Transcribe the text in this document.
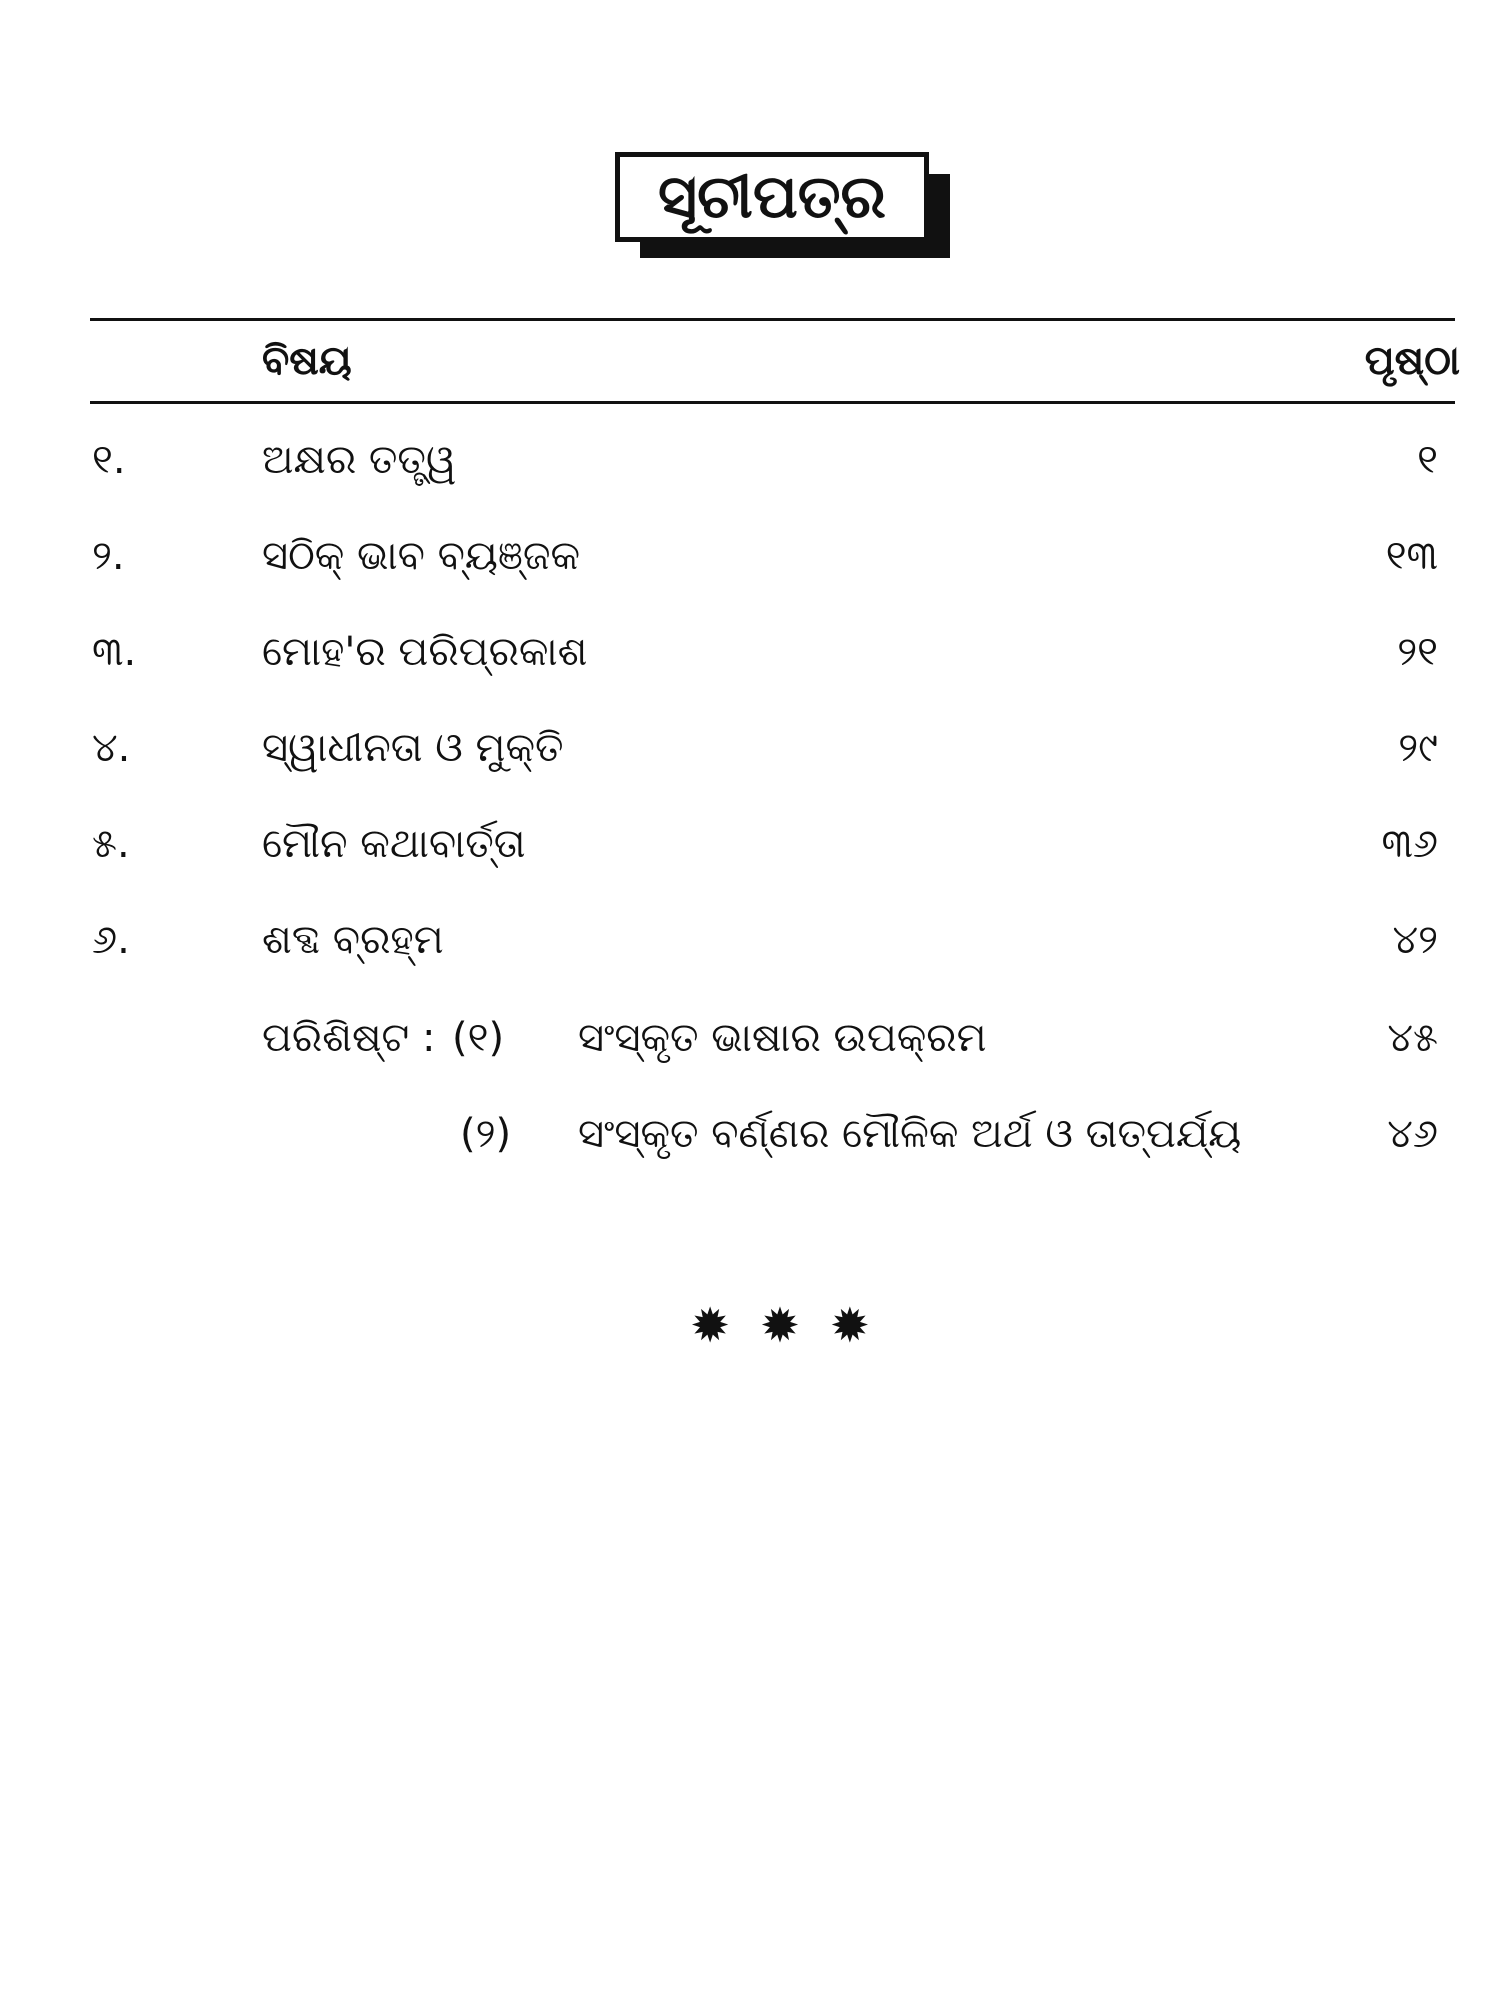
ସୂଚୀପତ୍ର
ବିଷୟ	ପୃଷ୍ଠା
୧.	ଅକ୍ଷର ତତ୍ତ୍ୱ	୧
୨.	ସଠିକ୍ ଭାବ ବ୍ୟଞ୍ଜକ	୧୩
୩.	ମୋହ'ର ପରିପ୍ରକାଶ	୨୧
୪.	ସ୍ୱାଧୀନତା ଓ ମୁକ୍ତି	୨୯
୫.	ମୌନ କଥାବାର୍ତ୍ତା	୩୬
୬.	ଶବ୍ଦ ବ୍ରହ୍ମ	୪୨
ପରିଶିଷ୍ଟ : (୧) ସଂସ୍କୃତ ଭାଷାର ଉପକ୍ରମ	୪୫
(୨) ସଂସ୍କୃତ ବର୍ଣ୍ଣର ମୌଳିକ ଅର୍ଥ ଓ ତାତ୍ପର୍ଯ୍ୟ	୪୬
✹ ✹ ✹
